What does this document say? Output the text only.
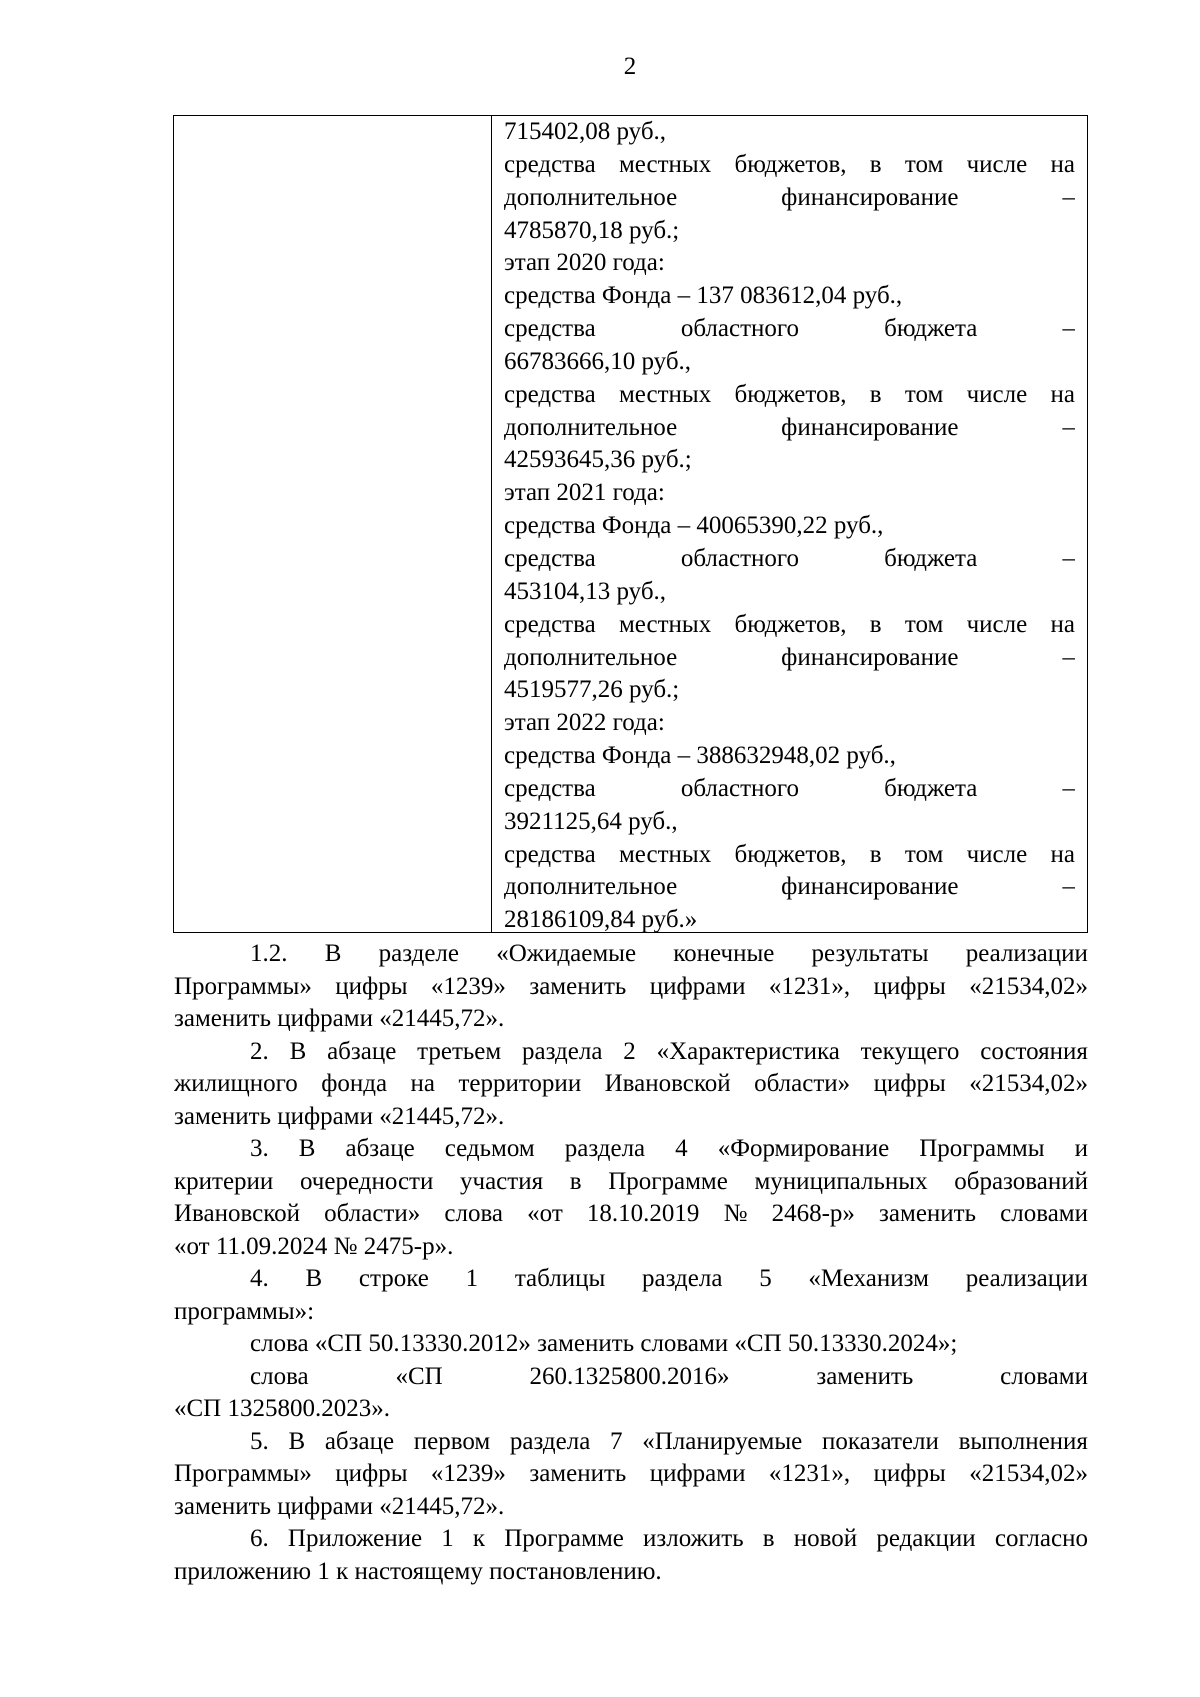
2
715402,08 руб.,
средства местных бюджетов, в том числе на
дополнительное	финансирование	–
4785870,18 руб.;
этап 2020 года:
средства Фонда – 137 083612,04 руб.,
средства	областного	бюджета	–
66783666,10 руб.,
средства местных бюджетов, в том числе на
дополнительное	финансирование	–
42593645,36 руб.;
этап 2021 года:
средства Фонда – 40065390,22 руб.,
средства	областного	бюджета	–
453104,13 руб.,
средства местных бюджетов, в том числе на
дополнительное	финансирование	–
4519577,26 руб.;
этап 2022 года:
средства Фонда – 388632948,02 руб.,
средства	областного	бюджета	–
3921125,64 руб.,
средства местных бюджетов, в том числе на
дополнительное	финансирование	–
28186109,84 руб.»
1.2. В разделе «Ожидаемые конечные результаты реализации
Программы» цифры «1239» заменить цифрами «1231», цифры «21534,02»
заменить цифрами «21445,72».
2. В абзаце третьем раздела 2 «Характеристика текущего состояния
жилищного фонда на территории Ивановской области» цифры «21534,02»
заменить цифрами «21445,72».
3. В абзаце седьмом раздела 4 «Формирование Программы и
критерии очередности участия в Программе муниципальных образований
Ивановской области» слова «от 18.10.2019 № 2468-р» заменить словами
«от 11.09.2024 № 2475-р».
4. В строке 1 таблицы раздела 5 «Механизм реализации
программы»:
слова «СП 50.13330.2012» заменить словами «СП 50.13330.2024»;
слова	«СП	260.1325800.2016»	заменить	словами
«СП 1325800.2023».
5. В абзаце первом раздела 7 «Планируемые показатели выполнения
Программы» цифры «1239» заменить цифрами «1231», цифры «21534,02»
заменить цифрами «21445,72».
6. Приложение 1 к Программе изложить в новой редакции согласно
приложению 1 к настоящему постановлению.
